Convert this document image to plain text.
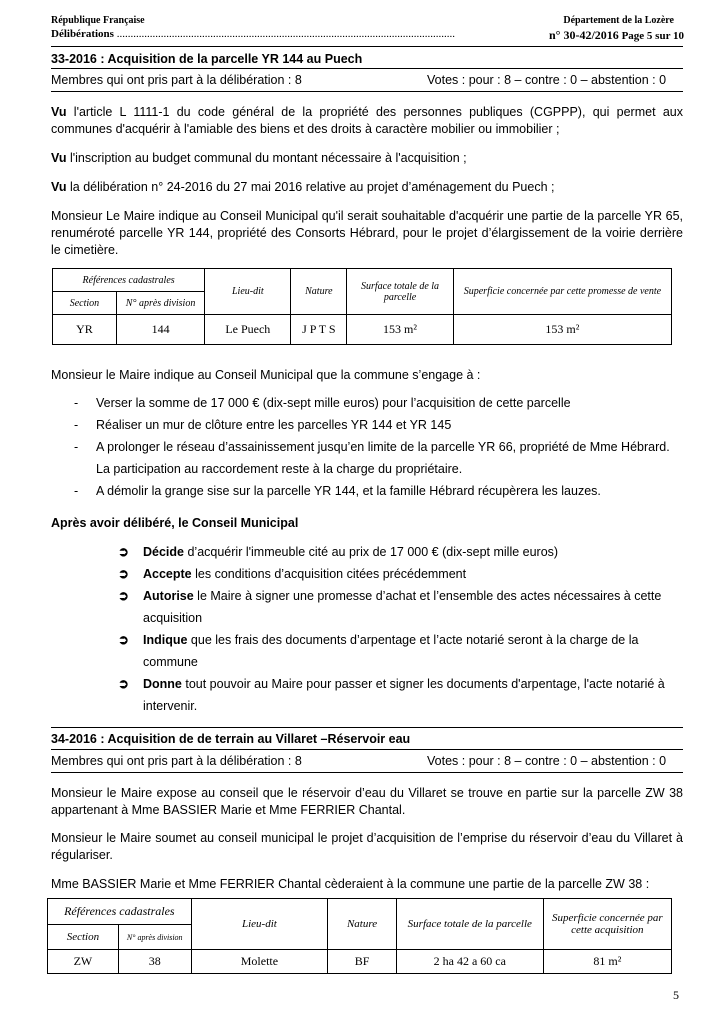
République Française	Département de la Lozère
Délibérations ...........................................................................................................................	n° 30-42/2016 Page 5 sur 10
33-2016 : Acquisition de la parcelle YR 144 au Puech
Membres qui ont pris part à la délibération : 8	Votes : pour : 8 – contre : 0 – abstention : 0
Vu l'article L 1111-1 du code général de la propriété des personnes publiques (CGPPP), qui permet aux communes d'acquérir à l'amiable des biens et des droits à caractère mobilier ou immobilier ;
Vu l'inscription au budget communal du montant nécessaire à l'acquisition ;
Vu la délibération n° 24-2016 du 27 mai 2016 relative au projet d’aménagement du Puech ;
Monsieur Le Maire indique au Conseil Municipal qu'il serait souhaitable d'acquérir une partie de la parcelle YR 65, renuméroté parcelle YR 144, propriété des Consorts Hébrard, pour le projet d’élargissement de la voirie derrière le cimetière.
Références cadastrales		Lieu-dit	Nature	Surface totale de la parcelle	Superficie concernée par cette promesse de vente
Section	N° après division				
YR	144	Le Puech	J P T S	153 m²	153 m²
Monsieur le Maire indique au Conseil Municipal que la commune s’engage à :
- Verser la somme de 17 000 € (dix-sept mille euros) pour l’acquisition de cette parcelle
- Réaliser un mur de clôture entre les parcelles YR 144 et YR 145
- A prolonger le réseau d’assainissement jusqu’en limite de la parcelle YR 66, propriété de Mme Hébrard. La participation au raccordement reste à la charge du propriétaire.
- A démolir la grange sise sur la parcelle YR 144, et la famille Hébrard récupèrera les lauzes.
Après avoir délibéré, le Conseil Municipal
➲ Décide d’acquérir l'immeuble cité au prix de 17 000 € (dix-sept mille euros)
➲ Accepte les conditions d’acquisition citées précédemment
➲ Autorise le Maire à signer une promesse d’achat et l’ensemble des actes nécessaires à cette acquisition
➲ Indique que les frais des documents d’arpentage et l’acte notarié seront à la charge de la commune
➲ Donne tout pouvoir au Maire pour passer et signer les documents d'arpentage, l'acte notarié à intervenir.
34-2016 : Acquisition de de terrain au Villaret –Réservoir eau
Membres qui ont pris part à la délibération : 8	Votes : pour : 8 – contre : 0 – abstention : 0
Monsieur le Maire expose au conseil que le réservoir d’eau du Villaret se trouve en partie sur la parcelle ZW 38 appartenant à Mme BASSIER Marie et Mme FERRIER Chantal.
Monsieur le Maire soumet au conseil municipal le projet d’acquisition de l’emprise du réservoir d’eau du Villaret à régulariser.
Mme BASSIER Marie et Mme FERRIER Chantal cèderaient à la commune une partie de la parcelle ZW 38 :
Références cadastrales		Lieu-dit	Nature	Surface totale de la parcelle	Superficie concernée par cette acquisition
Section	N° après division				
ZW	38	Molette	BF	2 ha 42 a 60 ca	81 m²
5
